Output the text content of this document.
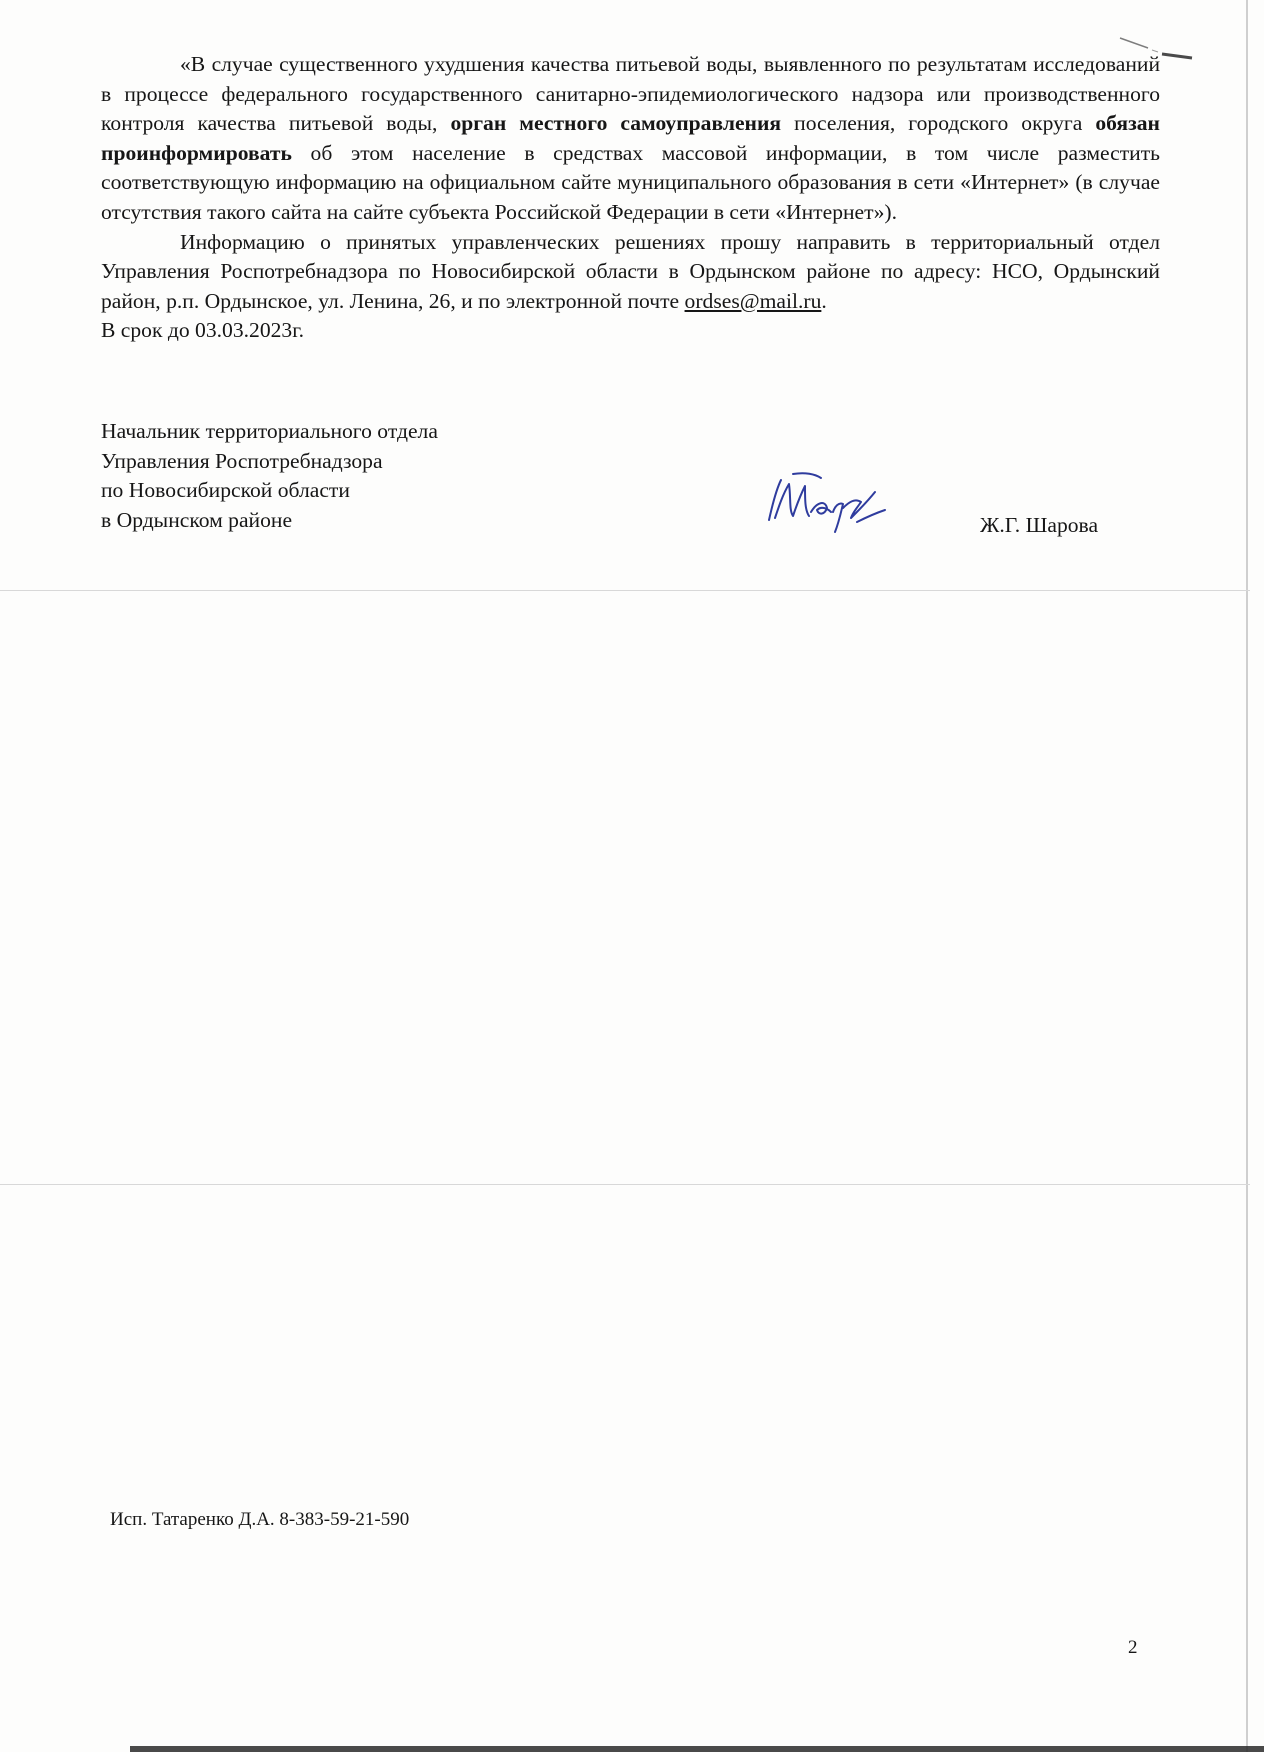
«В случае существенного ухудшения качества питьевой воды, выявленного по результатам исследований в процессе федерального государственного санитарно-эпидемиологического надзора или производственного контроля качества питьевой воды, орган местного самоуправления поселения, городского округа обязан проинформировать об этом население в средствах массовой информации, в том числе разместить соответствующую информацию на официальном сайте муниципального образования в сети «Интернет» (в случае отсутствия такого сайта на сайте субъекта Российской Федерации в сети «Интернет»).

Информацию о принятых управленческих решениях прошу направить в территориальный отдел Управления Роспотребнадзора по Новосибирской области в Ордынском районе по адресу: НСО, Ордынский район, р.п. Ордынское, ул. Ленина, 26, и по электронной почте ordses@mail.ru.

В срок до 03.03.2023г.
Начальник территориального отдела
Управления Роспотребнадзора
по Новосибирской области
в Ордынском районе	Ж.Г. Шарова
Исп. Татаренко Д.А. 8-383-59-21-590
2
